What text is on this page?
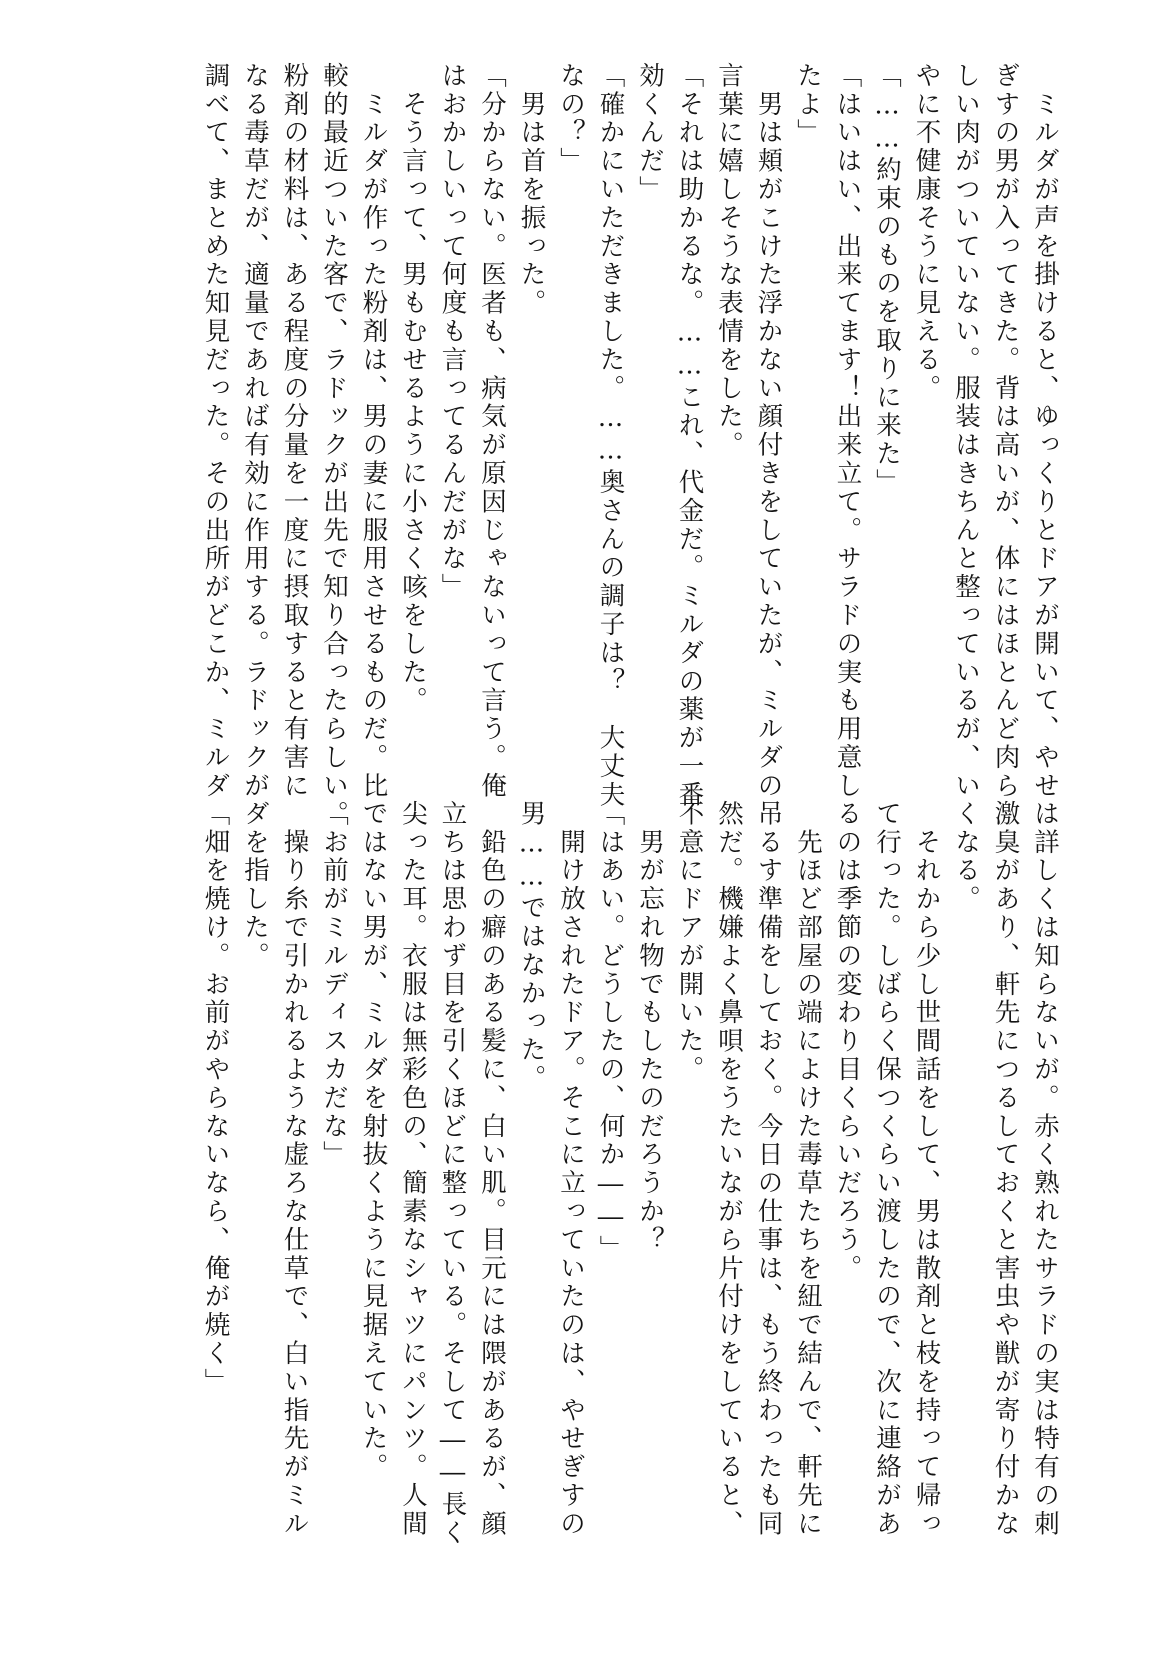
　ミルダが声を掛けると、ゆっくりとドアが開いて、やせ

ぎすの男が入ってきた。背は高いが、体にはほとんど肉ら

しい肉がついていない。服装はきちんと整っているが、い

やに不健康そうに見える。

「……約束のものを取りに来た」

「はいはい、出来てます！出来立て。サラドの実も用意し

たよ」

　男は頬がこけた浮かない顔付きをしていたが、ミルダの

言葉に嬉しそうな表情をした。

「それは助かるな。……これ、代金だ。ミルダの薬が一番

効くんだ」

「確かにいただきました。……奥さんの調子は？　大丈夫

なの？」

　男は首を振った。

「分からない。医者も、病気が原因じゃないって言う。俺

はおかしいって何度も言ってるんだがな」

　そう言って、男もむせるように小さく咳をした。

　ミルダが作った粉剤は、男の妻に服用させるものだ。比

較的最近ついた客で、ラドックが出先で知り合ったらしい。

粉剤の材料は、ある程度の分量を一度に摂取すると有害に

なる毒草だが、適量であれば有効に作用する。ラドックが

調べて、まとめた知見だった。その出所がどこか、ミルダ

は詳しくは知らないが。赤く熟れたサラドの実は特有の刺

激臭があり、軒先につるしておくと害虫や獣が寄り付かな

くなる。

　それから少し世間話をして、男は散剤と枝を持って帰っ

て行った。しばらく保つくらい渡したので、次に連絡があ

るのは季節の変わり目くらいだろう。

　先ほど部屋の端によけた毒草たちを紐で結んで、軒先に

吊るす準備をしておく。今日の仕事は、もう終わったも同

然だ。機嫌よく鼻唄をうたいながら片付けをしていると、

不意にドアが開いた。

　男が忘れ物でもしたのだろうか？

「はあい。どうしたの、何か――」

　開け放されたドア。そこに立っていたのは、やせぎすの

男……ではなかった。

　鉛色の癖のある髪に、白い肌。目元には隈があるが、顔

立ちは思わず目を引くほどに整っている。そして――長く

尖った耳。衣服は無彩色の、簡素なシャツにパンツ。人間

ではない男が、ミルダを射抜くように見据えていた。

「お前がミルディスカだな」

　操り糸で引かれるような虚ろな仕草で、白い指先がミル

ダを指した。

「畑を焼け。お前がやらないなら、俺が焼く」
